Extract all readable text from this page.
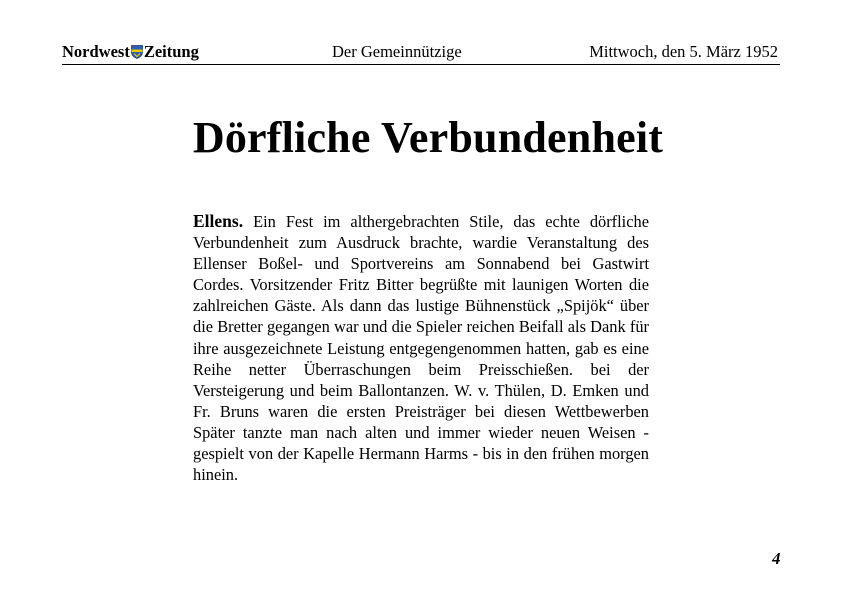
Nordwest Zeitung	Der Gemeinnützige	Mittwoch, den 5. März 1952
Dörfliche Verbundenheit

Ellens. Ein Fest im althergebrachten Stile, das echte dörfliche Verbundenheit zum Ausdruck brachte, wardie Veranstaltung des Ellenser Boßel- und Sportvereins am Sonnabend bei Gastwirt Cordes. Vorsitzender Fritz Bitter begrüßte mit launigen Worten die zahlreichen Gäste. Als dann das lustige Bühnenstück „Spijök“ über die Bretter gegangen war und die Spieler reichen Beifall als Dank für ihre ausgezeichnete Leistung entgegengenommen hatten, gab es eine Reihe netter Überraschungen beim Preisschießen. bei der Versteigerung und beim Ballontanzen. W. v. Thülen, D. Emken und Fr. Bruns waren die ersten Preisträger bei diesen Wettbewerben Später tanzte man nach alten und immer wieder neuen Weisen - gespielt von der Kapelle Hermann Harms - bis in den frühen morgen hinein.

4
